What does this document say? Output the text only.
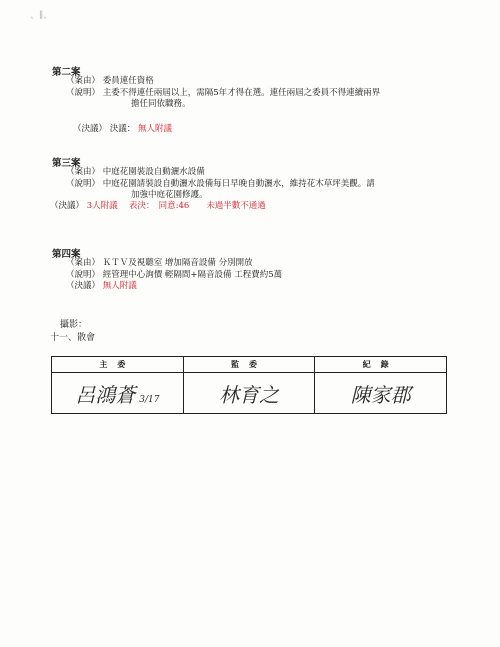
、∥、
第二案
（案由） 委員連任資格
（說明） 主委不得連任兩屆以上，需隔5年才得在選。連任兩屆之委員不得連續兩界
擔任同依職務。
（決議） 決議： 無人附議
第三案
（案由） 中庭花園裝設自動灑水設備
（說明） 中庭花園請裝設自動灑水設備每日早晚自動灑水，維持花木草坪美觀。請
加強中庭花園修護。
（決議） 3人附議　 表決：　同意:46　　未過半數不通過
第四案
（案由） ＫＴＶ及視聽室 增加隔音設備 分別開放
（說明） 經管理中心詢價 輕隔間+隔音設備 工程費約5萬
（決議） 無人附議
攝影：
十一、散會
主委	監委	紀錄
呂鴻蒼 3/17	林育之	陳家郡
